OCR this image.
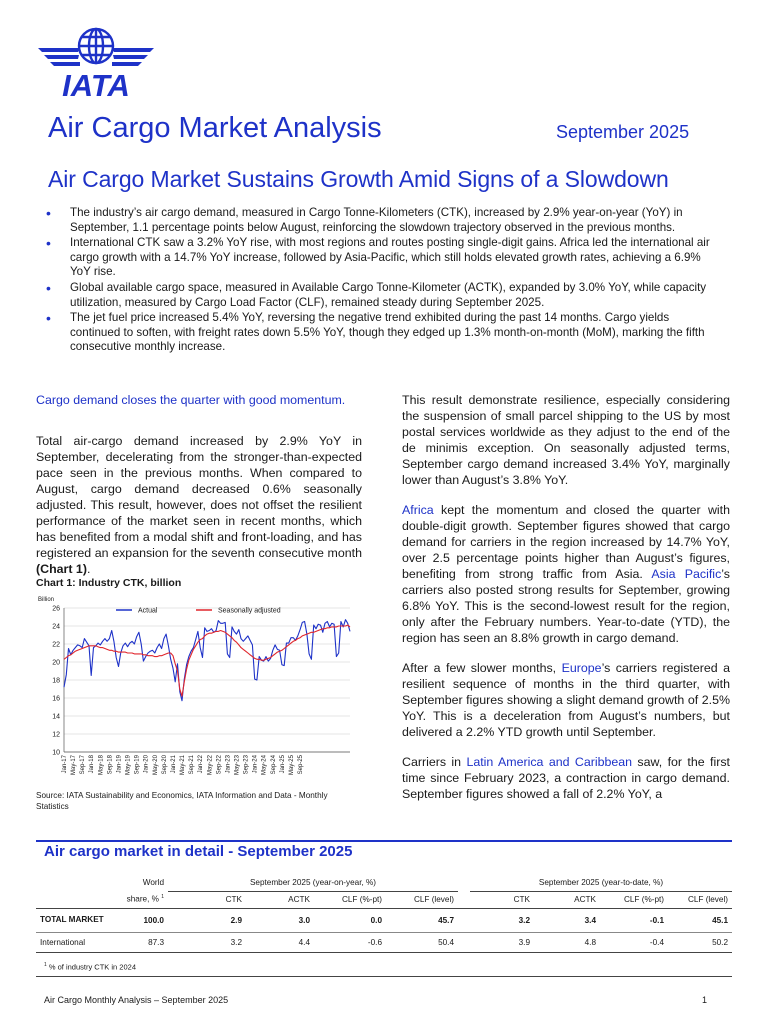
IATA
Air Cargo Market Analysis	September 2025
Air Cargo Market Sustains Growth Amid Signs of a Slowdown
• The industry’s air cargo demand, measured in Cargo Tonne-Kilometers (CTK), increased by 2.9% year-on-year (YoY) in September, 1.1 percentage points below August, reinforcing the slowdown trajectory observed in the previous months.
• International CTK saw a 3.2% YoY rise, with most regions and routes posting single-digit gains. Africa led the international air cargo growth with a 14.7% YoY increase, followed by Asia-Pacific, which still holds elevated growth rates, achieving a 6.9% YoY rise.
• Global available cargo space, measured in Available Cargo Tonne-Kilometer (ACTK), expanded by 3.0% YoY, while capacity utilization, measured by Cargo Load Factor (CLF), remained steady during September 2025.
• The jet fuel price increased 5.4% YoY, reversing the negative trend exhibited during the past 14 months. Cargo yields continued to soften, with freight rates down 5.5% YoY, though they edged up 1.3% month-on-month (MoM), marking the fifth consecutive monthly increase.
Cargo demand closes the quarter with good momentum.
Total air-cargo demand increased by 2.9% YoY in September, decelerating from the stronger-than-expected pace seen in the previous months. When compared to August, cargo demand decreased 0.6% seasonally adjusted. This result, however, does not offset the resilient performance of the market seen in recent months, which has benefited from a modal shift and front-loading, and has registered an expansion for the seventh consecutive month (Chart 1).
Chart 1: Industry CTK, billion
Billion
10
12
14
16
18
20
22
24
26
Jan-17 May-17 Sep-17 Jan-18 May-18 Sep-18 Jan-19 May-19 Sep-19 Jan-20 May-20 Sep-20 Jan-21 May-21 Sep-21 Jan-22 May-22 Sep-22 Jan-23 May-23 Sep-23 Jan-24 May-24 Sep-24 Jan-25 May-25 Sep-25
Actual	Seasonally adjusted
Source: IATA Sustainability and Economics, IATA Information and Data - Monthly Statistics

This result demonstrate resilience, especially considering the suspension of small parcel shipping to the US by most postal services worldwide as they adjust to the end of the de minimis exception. On seasonally adjusted terms, September cargo demand increased 3.4% YoY, marginally lower than August’s 3.8% YoY.

Africa kept the momentum and closed the quarter with double-digit growth. September figures showed that cargo demand for carriers in the region increased by 14.7% YoY, over 2.5 percentage points higher than August’s figures, benefiting from strong traffic from Asia. Asia Pacific’s carriers also posted strong results for September, growing 6.8% YoY. This is the second-lowest result for the region, only after the February numbers. Year-to-date (YTD), the region has seen an 8.8% growth in cargo demand.

After a few slower months, Europe’s carriers registered a resilient sequence of months in the third quarter, with September figures showing a slight demand growth of 2.5% YoY. This is a deceleration from August’s numbers, but delivered a 2.2% YTD growth until September.

Carriers in Latin America and Caribbean saw, for the first time since February 2023, a contraction in cargo demand. September figures showed a fall of 2.2% YoY, a

Air cargo market in detail - September 2025
	World	September 2025 (year-on-year, %)					September 2025 (year-to-date, %)			
	share, % $^1$	CTK	ACTK	CLF (%-pt)	CLF (level)		CTK	ACTK	CLF (%-pt)	CLF (level)
TOTAL MARKET	100.0	2.9	3.0	0.0	45.7		3.2	3.4	-0.1	45.1
International	87.3	3.2	4.4	-0.6	50.4		3.9	4.8	-0.4	50.2
$^1$ % of industry CTK in 2024
Air Cargo Monthly Analysis – September 2025	1
